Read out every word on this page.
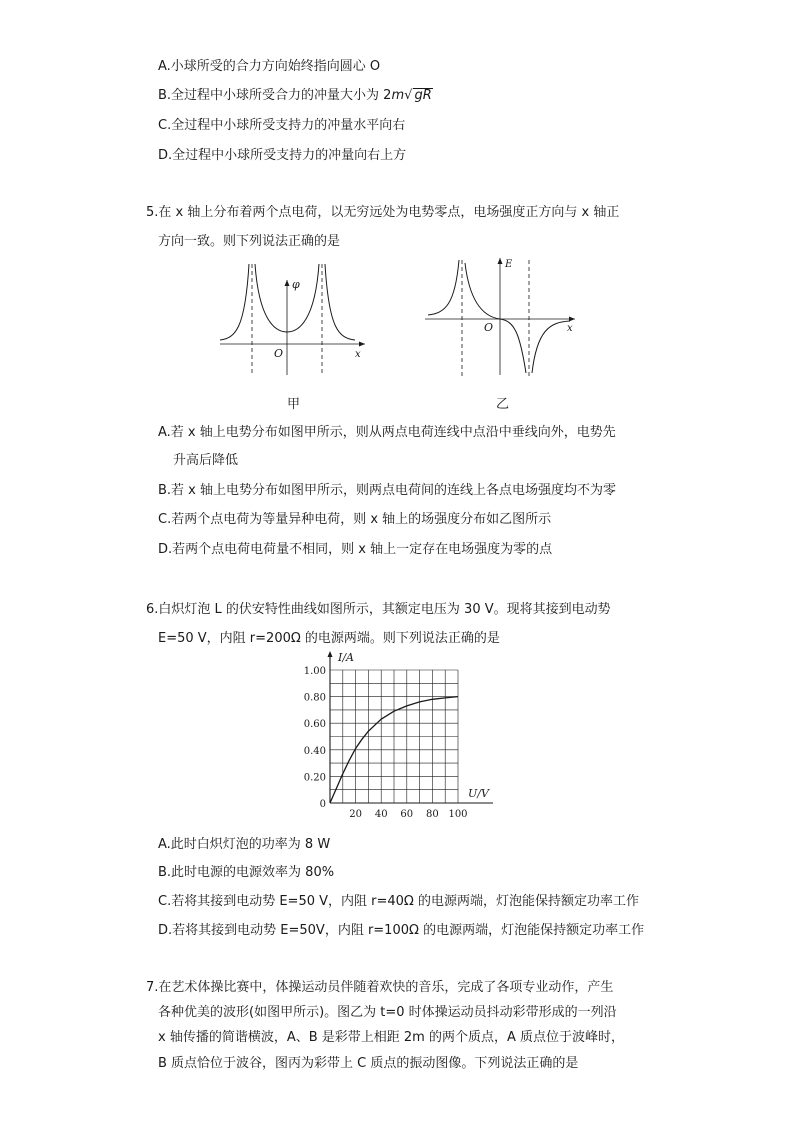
A.小球所受的合力方向始终指向圆心 O
B.全过程中小球所受合力的冲量大小为 2m√ gR
C.全过程中小球所受支持力的冲量水平向右
D.全过程中小球所受支持力的冲量向右上方
5.在 x 轴上分布着两个点电荷，以无穷远处为电势零点，电场强度正方向与 x 轴正
方向一致。则下列说法正确的是
φ
x
O
甲
E
x
O
乙
A.若 x 轴上电势分布如图甲所示，则从两点电荷连线中点沿中垂线向外，电势先
升高后降低
B.若 x 轴上电势分布如图甲所示，则两点电荷间的连线上各点电场强度均不为零
C.若两个点电荷为等量异种电荷，则 x 轴上的场强度分布如乙图所示
D.若两个点电荷电荷量不相同，则 x 轴上一定存在电场强度为零的点
6.白炽灯泡 L 的伏安特性曲线如图所示，其额定电压为 30 V。现将其接到电动势
E=50 V，内阻 r=200Ω 的电源两端。则下列说法正确的是
0
0.20
0.40
0.60
0.80
1.00
20 40 60 80 100
I/A
U/V
A.此时白炽灯泡的功率为 8 W
B.此时电源的电源效率为 80%
C.若将其接到电动势 E=50 V，内阻 r=40Ω 的电源两端，灯泡能保持额定功率工作
D.若将其接到电动势 E=50V，内阻 r=100Ω 的电源两端，灯泡能保持额定功率工作
7.在艺术体操比赛中，体操运动员伴随着欢快的音乐，完成了各项专业动作，产生
各种优美的波形(如图甲所示)。图乙为 t=0 时体操运动员抖动彩带形成的一列沿
x 轴传播的简谐横波，A、B 是彩带上相距 2m 的两个质点，A 质点位于波峰时，
B 质点恰位于波谷，图丙为彩带上 C 质点的振动图像。下列说法正确的是
